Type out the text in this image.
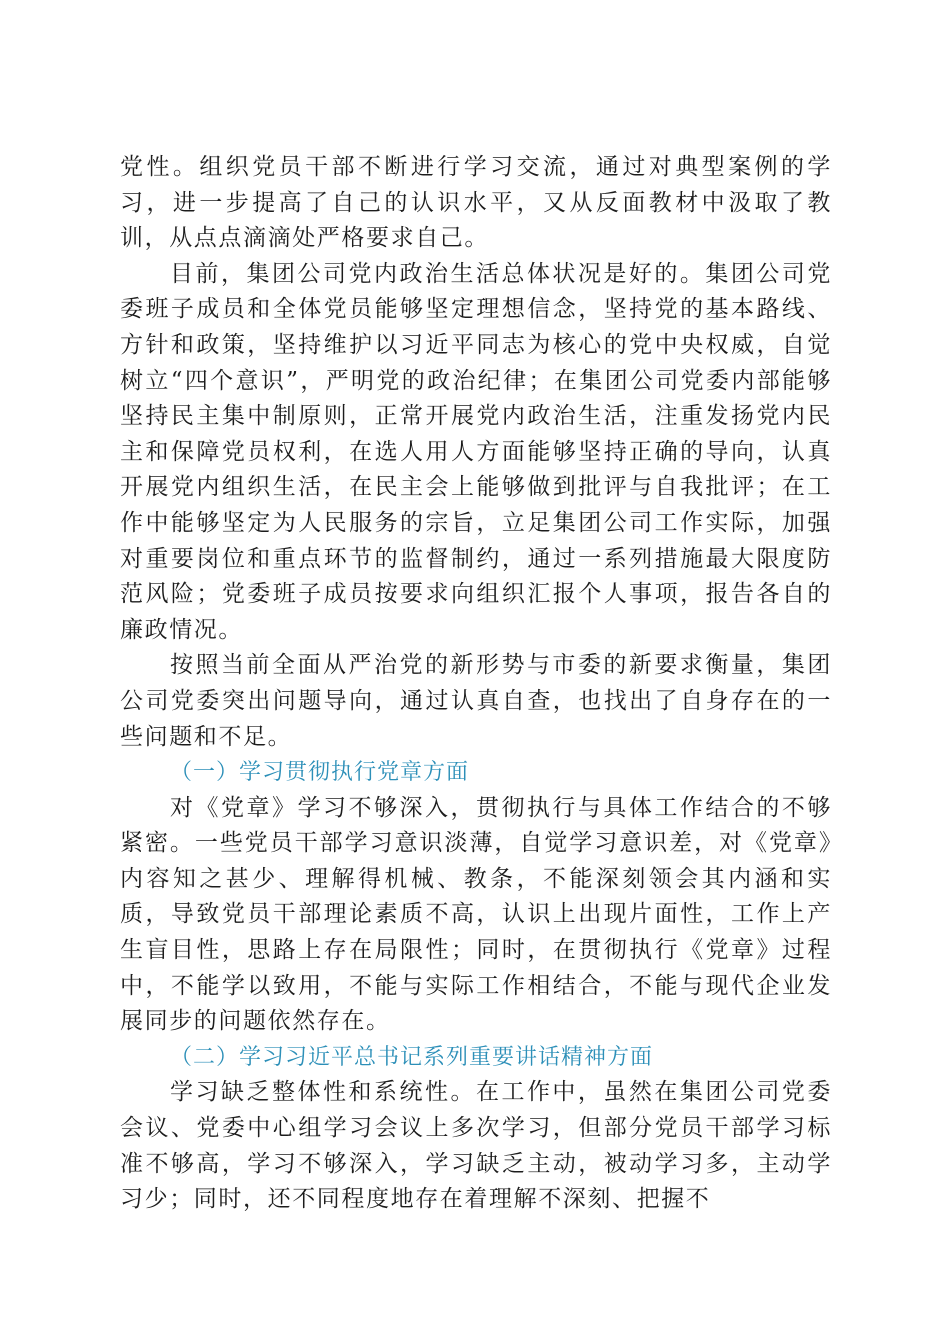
党性。组织党员干部不断进行学习交流，通过对典型案例的学习，进一步提高了自己的认识水平，又从反面教材中汲取了教训，从点点滴滴处严格要求自己。

目前，集团公司党内政治生活总体状况是好的。集团公司党委班子成员和全体党员能够坚定理想信念，坚持党的基本路线、方针和政策，坚持维护以习近平同志为核心的党中央权威，自觉树立“四个意识”，严明党的政治纪律；在集团公司党委内部能够坚持民主集中制原则，正常开展党内政治生活，注重发扬党内民主和保障党员权利，在选人用人方面能够坚持正确的导向，认真开展党内组织生活，在民主会上能够做到批评与自我批评；在工作中能够坚定为人民服务的宗旨，立足集团公司工作实际，加强对重要岗位和重点环节的监督制约，通过一系列措施最大限度防范风险；党委班子成员按要求向组织汇报个人事项，报告各自的廉政情况。

按照当前全面从严治党的新形势与市委的新要求衡量，集团公司党委突出问题导向，通过认真自查，也找出了自身存在的一些问题和不足。

（一）学习贯彻执行党章方面

对《党章》学习不够深入，贯彻执行与具体工作结合的不够紧密。一些党员干部学习意识淡薄，自觉学习意识差，对《党章》内容知之甚少、理解得机械、教条，不能深刻领会其内涵和实质，导致党员干部理论素质不高，认识上出现片面性，工作上产生盲目性，思路上存在局限性；同时，在贯彻执行《党章》过程中，不能学以致用，不能与实际工作相结合，不能与现代企业发展同步的问题依然存在。

（二）学习习近平总书记系列重要讲话精神方面

学习缺乏整体性和系统性。在工作中，虽然在集团公司党委会议、党委中心组学习会议上多次学习，但部分党员干部学习标准不够高，学习不够深入，学习缺乏主动，被动学习多，主动学习少；同时，还不同程度地存在着理解不深刻、把握不
